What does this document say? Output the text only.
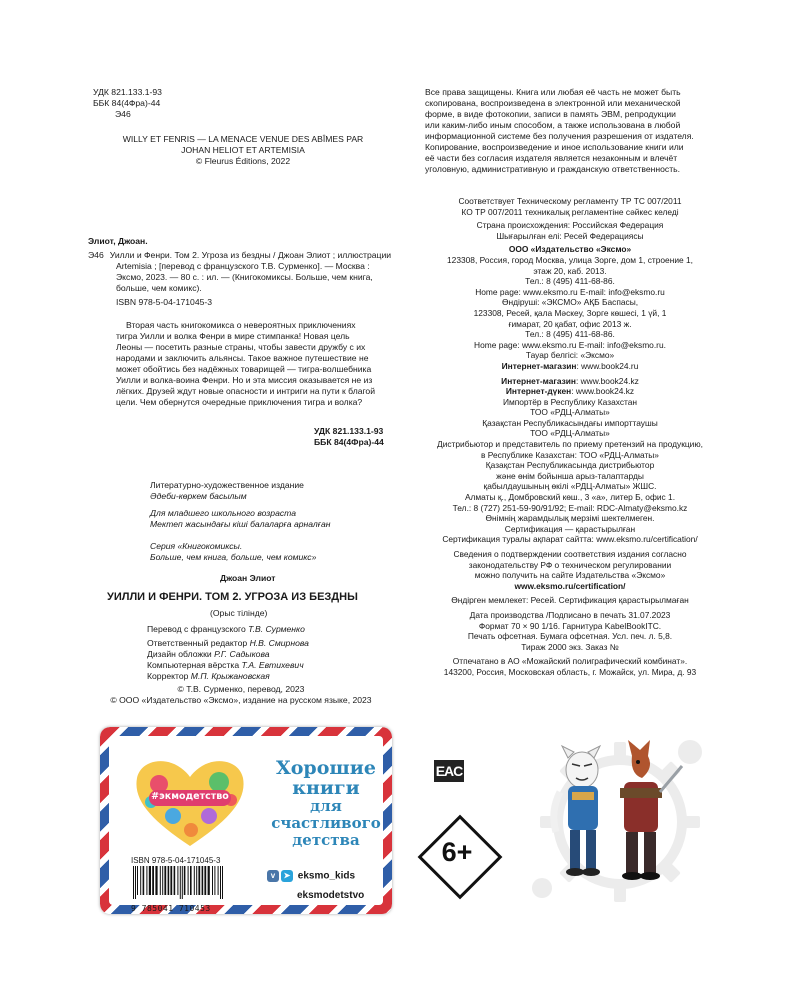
УДК 821.133.1-93
ББК 84(4Фра)-44
Э46
WILLY ET FENRIS — LA MENACE VENUE DES ABÎMES PAR
JOHAN HELIOT ET ARTEMISIA
© Fleurus Éditions, 2022
Элиот, Джоан.
Э46 Уилли и Фенри. Том 2. Угроза из бездны / Джоан Элиот ; иллюстрации
Artemisia ; [перевод с французского Т.В. Сурменко]. — Москва :
Эксмо, 2023. — 80 с. : ил. — (Книгокомиксы. Больше, чем книга,
больше, чем комикс).
ISBN 978-5-04-171045-3
Вторая часть книгокомикса о невероятных приключениях
тигра Уилли и волка Фенри в мире стимпанка! Новая цель
Леоны — посетить разные страны, чтобы завести дружбу с их
народами и заключить альянсы. Такое важное путешествие не
может обойтись без надёжных товарищей — тигра-волшебника
Уилли и волка-воина Фенри. Но и эта миссия оказывается не из
лёгких. Друзей ждут новые опасности и интриги на пути к благой
цели. Чем обернутся очередные приключения тигра и волка?
УДК 821.133.1-93
ББК 84(4Фра)-44
Литературно-художественное издание
Әдеби-көркем басылым
Для младшего школьного возраста
Мектеп жасындағы кіші балаларға арналған
Серия «Книгокомиксы.
Больше, чем книга, больше, чем комикс»
Джоан Элиот
УИЛЛИ И ФЕНРИ. ТОМ 2. УГРОЗА ИЗ БЕЗДНЫ
(Орыс тілінде)
Перевод с французского Т.В. Сурменко
Ответственный редактор Н.В. Смирнова
Дизайн обложки Р.Г. Садыкова
Компьютерная вёрстка Т.А. Евтихевич
Корректор М.П. Крыжановская
© Т.В. Сурменко, перевод, 2023
© ООО «Издательство «Эксмо», издание на русском языке, 2023
Все права защищены. Книга или любая её часть не может быть
скопирована, воспроизведена в электронной или механической
форме, в виде фотокопии, записи в память ЭВМ, репродукции
или каким-либо иным способом, а также использована в любой
информационной системе без получения разрешения от издателя.
Копирование, воспроизведение и иное использование книги или
её части без согласия издателя является незаконным и влечёт
уголовную, административную и гражданскую ответственность.
Соответствует Техническому регламенту ТР ТС 007/2011
КО ТР 007/2011 техникалық регламентіне сәйкес келеді
Страна происхождения: Российская Федерация
Шығарылған елі: Ресей Федерациясы
ООО «Издательство «Эксмо»
123308, Россия, город Москва, улица Зорге, дом 1, строение 1,
этаж 20, каб. 2013.
Тел.: 8 (495) 411-68-86.
Home page: www.eksmo.ru E-mail: info@eksmo.ru
Өндіруші: «ЭКСМО» АҚБ Баспасы,
123308, Ресей, қала Мәскеу, Зорге көшесі, 1 үй, 1
ғимарат, 20 қабат, офис 2013 ж.
Тел.: 8 (495) 411-68-86.
Home page: www.eksmo.ru E-mail: info@eksmo.ru.
Тауар белгісі: «Эксмо»
Интернет-магазин: www.book24.ru
Интернет-магазин: www.book24.kz
Интернет-дүкен: www.book24.kz
Импортёр в Республику Казахстан
ТОО «РДЦ-Алматы»
Қазақстан Республикасындағы импорттаушы
ТОО «РДЦ-Алматы»
Дистрибьютор и представитель по приему претензий на продукцию,
в Республике Казахстан: ТОО «РДЦ-Алматы»
Қазақстан Республикасында дистрибьютор
және өнім бойынша арыз-талаптарды
қабылдаушының өкілі «РДЦ-Алматы» ЖШС.
Алматы қ., Домбровский көш., 3 «а», литер Б, офис 1.
Тел.: 8 (727) 251-59-90/91/92; E-mail: RDC-Almaty@eksmo.kz
Өнімнің жарамдылық мерзімі шектелмеген.
Сертификация — қарастырылған
Сертификация туралы ақпарат сайтта: www.eksmo.ru/certification/
Сведения о подтверждении соответствия издания согласно
законодательству РФ о техническом регулировании
можно получить на сайте Издательства «Эксмо»
www.eksmo.ru/certification/
Өндірген мемлекет: Ресей. Сертификация қарастырылмаған
Дата производства /Подписано в печать 31.07.2023
Формат 70 × 90 1/16. Гарнитура KabelBookITC.
Печать офсетная. Бумага офсетная. Усл. печ. л. 5,8.
Тираж 2000 экз. Заказ №
Отпечатано в АО «Можайский полиграфический комбинат».
143200, Россия, Московская область, г. Можайск, ул. Мира, д. 93
#экмодетство
Хорошие
книги
для счастливого
детства
ISBN 978-5-04-171045-3
9 785041 710453
v ➤ eksmo_kids
eksmodetstvo
EAC
6+
